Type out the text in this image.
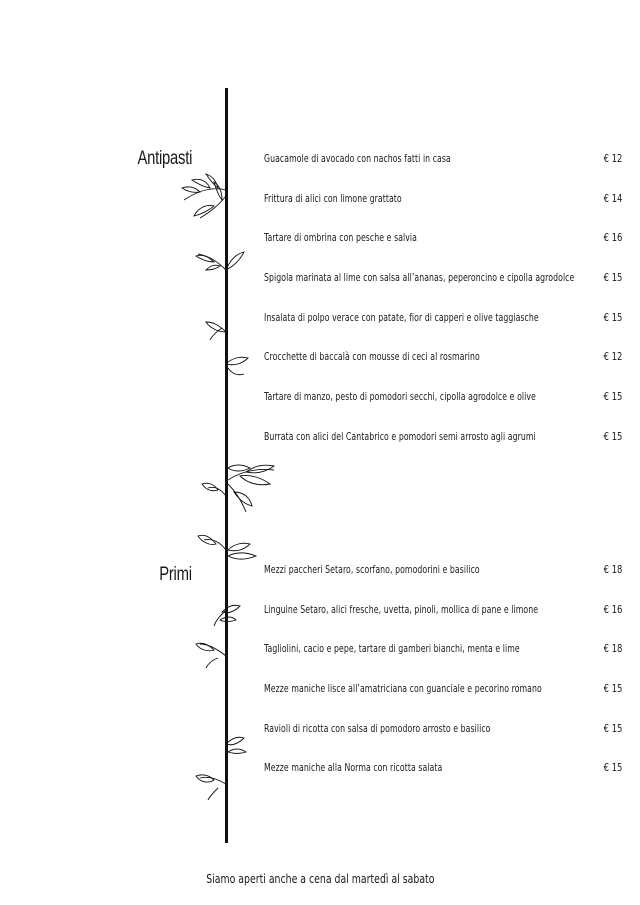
Antipasti
Primi
Guacamole di avocado con nachos fatti in casa	€ 12
Frittura di alici con limone grattato	€ 14
Tartare di ombrina con pesche e salvia	€ 16
Spigola marinata al lime con salsa all’ananas, peperoncino e cipolla agrodolce	€ 15
Insalata di polpo verace con patate, fior di capperi e olive taggiasche	€ 15
Crocchette di baccalà con mousse di ceci al rosmarino	€ 12
Tartare di manzo, pesto di pomodori secchi, cipolla agrodolce e olive	€ 15
Burrata con alici del Cantabrico e pomodori semi arrosto agli agrumi	€ 15
Mezzi paccheri Setaro, scorfano, pomodorini e basilico	€ 18
Linguine Setaro, alici fresche, uvetta, pinoli, mollica di pane e limone	€ 16
Tagliolini, cacio e pepe, tartare di gamberi bianchi, menta e lime	€ 18
Mezze maniche lisce all’amatriciana con guanciale e pecorino romano	€ 15
Ravioli di ricotta con salsa di pomodoro arrosto e basilico	€ 15
Mezze maniche alla Norma con ricotta salata	€ 15
Siamo aperti anche a cena dal martedì al sabato
